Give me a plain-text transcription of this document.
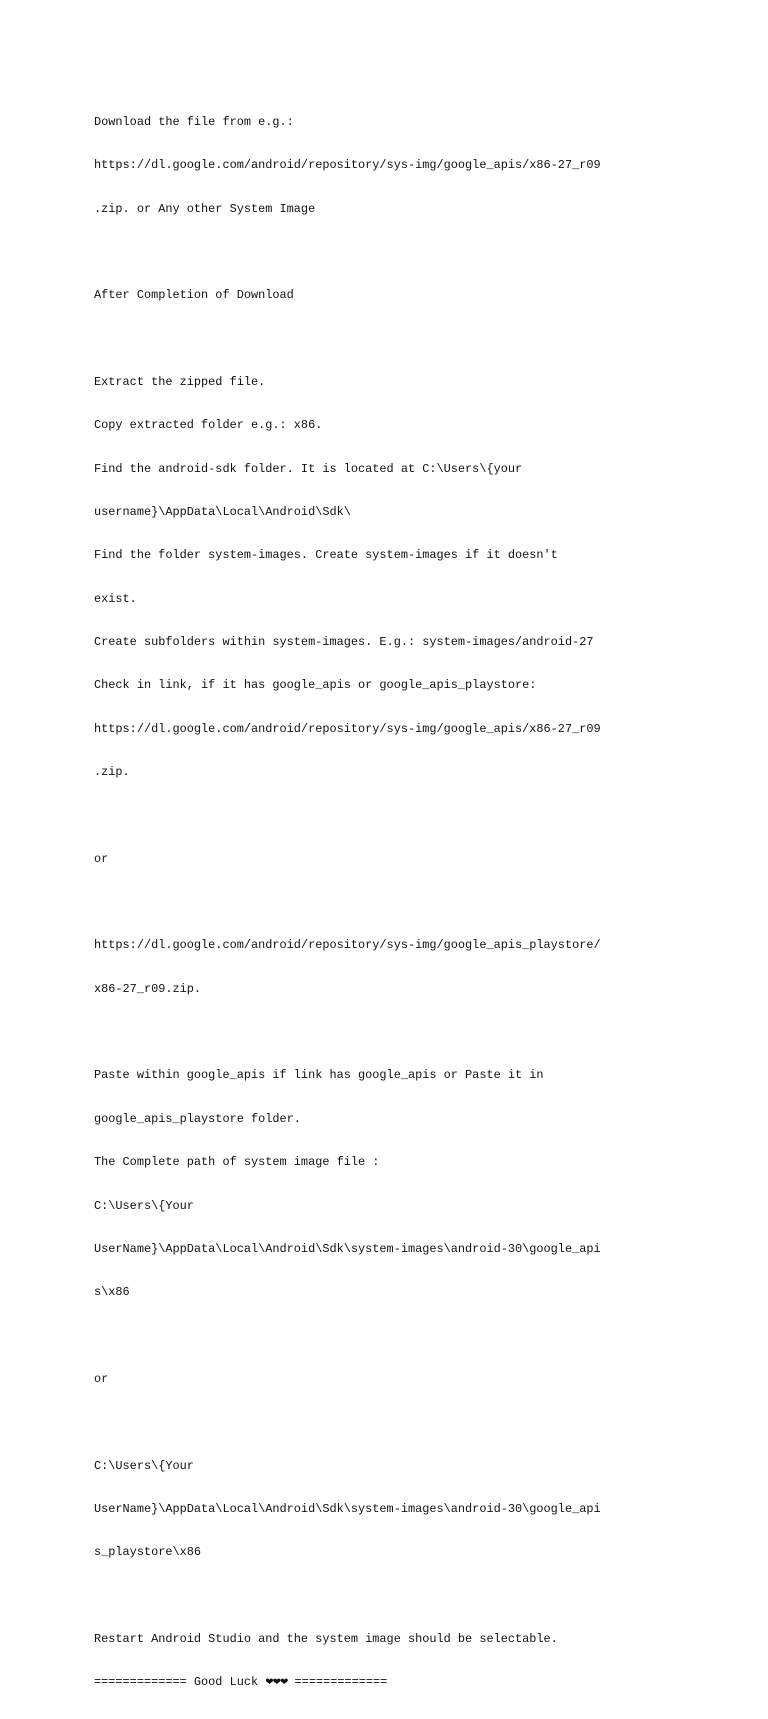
Download the file from e.g.:

https://dl.google.com/android/repository/sys-img/google_apis/x86-27_r09

.zip. or Any other System Image

After Completion of Download

Extract the zipped file.

Copy extracted folder e.g.: x86.

Find the android-sdk folder. It is located at C:\Users\{your

username}\AppData\Local\Android\Sdk\

Find the folder system-images. Create system-images if it doesn't

exist.

Create subfolders within system-images. E.g.: system-images/android-27

Check in link, if it has google_apis or google_apis_playstore:

https://dl.google.com/android/repository/sys-img/google_apis/x86-27_r09

.zip.

or

https://dl.google.com/android/repository/sys-img/google_apis_playstore/

x86-27_r09.zip.

Paste within google_apis if link has google_apis or Paste it in

google_apis_playstore folder.

The Complete path of system image file :

C:\Users\{Your

UserName}\AppData\Local\Android\Sdk\system-images\android-30\google_api

s\x86

or

C:\Users\{Your

UserName}\AppData\Local\Android\Sdk\system-images\android-30\google_api

s_playstore\x86

Restart Android Studio and the system image should be selectable.

============= Good Luck ❤❤❤ =============
